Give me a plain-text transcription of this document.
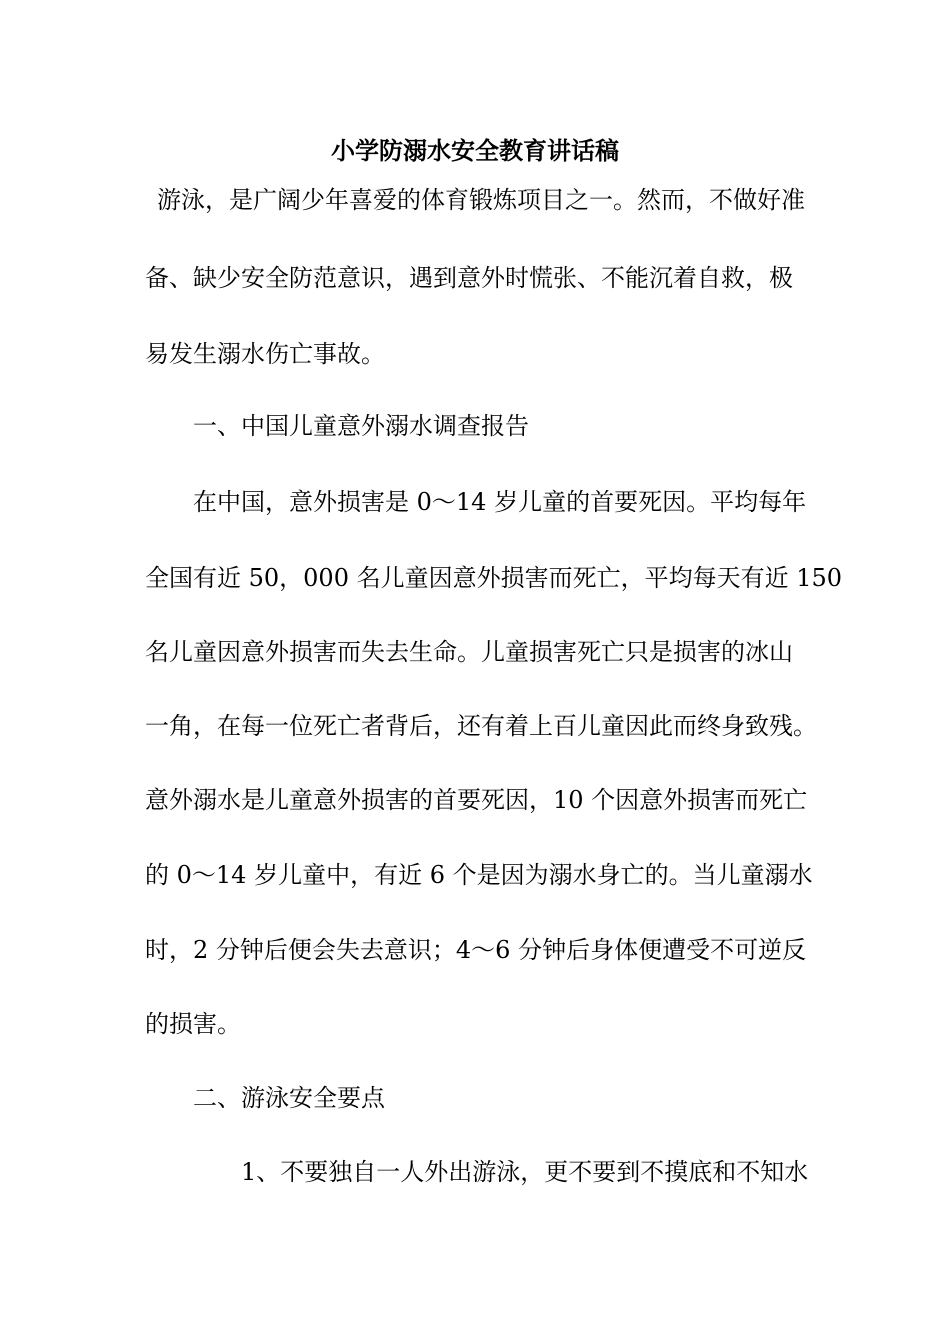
小学防溺水安全教育讲话稿
游泳，是广阔少年喜爱的体育锻炼项目之一。然而，不做好准
备、缺少安全防范意识，遇到意外时慌张、不能沉着自救，极
易发生溺水伤亡事故。
一、中国儿童意外溺水调查报告
在中国，意外损害是 0～14 岁儿童的首要死因。平均每年
全国有近 50，000 名儿童因意外损害而死亡，平均每天有近 150
名儿童因意外损害而失去生命。儿童损害死亡只是损害的冰山
一角，在每一位死亡者背后，还有着上百儿童因此而终身致残。
意外溺水是儿童意外损害的首要死因，10 个因意外损害而死亡
的 0～14 岁儿童中，有近 6 个是因为溺水身亡的。当儿童溺水
时，2 分钟后便会失去意识；4～6 分钟后身体便遭受不可逆反
的损害。
二、游泳安全要点
1、不要独自一人外出游泳，更不要到不摸底和不知水
